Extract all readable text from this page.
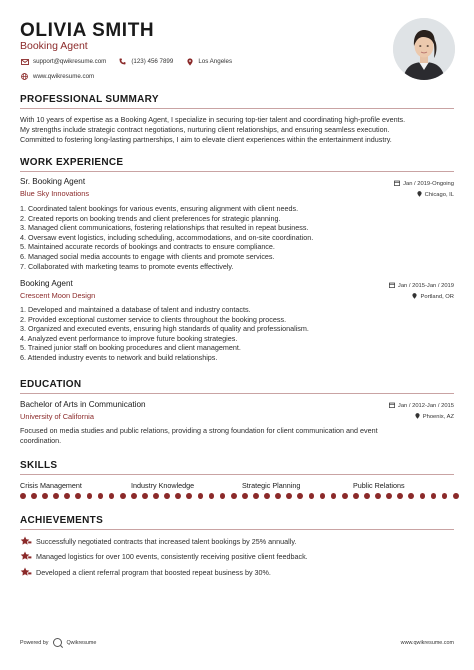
OLIVIA SMITH
Booking Agent
support@qwikresume.com	(123) 456 7899	Los Angeles
www.qwikresume.com
PROFESSIONAL SUMMARY
With 10 years of expertise as a Booking Agent, I specialize in securing top-tier talent and coordinating high-profile events.
My strengths include strategic contract negotiations, nurturing client relationships, and ensuring seamless execution.
Committed to fostering long-lasting partnerships, I aim to elevate client experiences within the entertainment industry.
WORK EXPERIENCE
Sr. Booking Agent
Blue Sky Innovations
Jan / 2019-Ongoing
Chicago, IL
1. Coordinated talent bookings for various events, ensuring alignment with client needs.
2. Created reports on booking trends and client preferences for strategic planning.
3. Managed client communications, fostering relationships that resulted in repeat business.
4. Oversaw event logistics, including scheduling, accommodations, and on-site coordination.
5. Maintained accurate records of bookings and contracts to ensure compliance.
6. Managed social media accounts to engage with clients and promote services.
7. Collaborated with marketing teams to promote events effectively.
Booking Agent
Crescent Moon Design
Jan / 2015-Jan / 2019
Portland, OR
1. Developed and maintained a database of talent and industry contacts.
2. Provided exceptional customer service to clients throughout the booking process.
3. Organized and executed events, ensuring high standards of quality and professionalism.
4. Analyzed event performance to improve future booking strategies.
5. Trained junior staff on booking procedures and client management.
6. Attended industry events to network and build relationships.
EDUCATION
Bachelor of Arts in Communication
University of California
Jan / 2012-Jan / 2015
Phoenix, AZ
Focused on media studies and public relations, providing a strong foundation for client communication and event
coordination.
SKILLS
Crisis Management	Industry Knowledge	Strategic Planning	Public Relations
ACHIEVEMENTS
Successfully negotiated contracts that increased talent bookings by 25% annually.
Managed logistics for over 100 events, consistently receiving positive client feedback.
Developed a client referral program that boosted repeat business by 30%.
Powered by	Qwikresume	www.qwikresume.com
